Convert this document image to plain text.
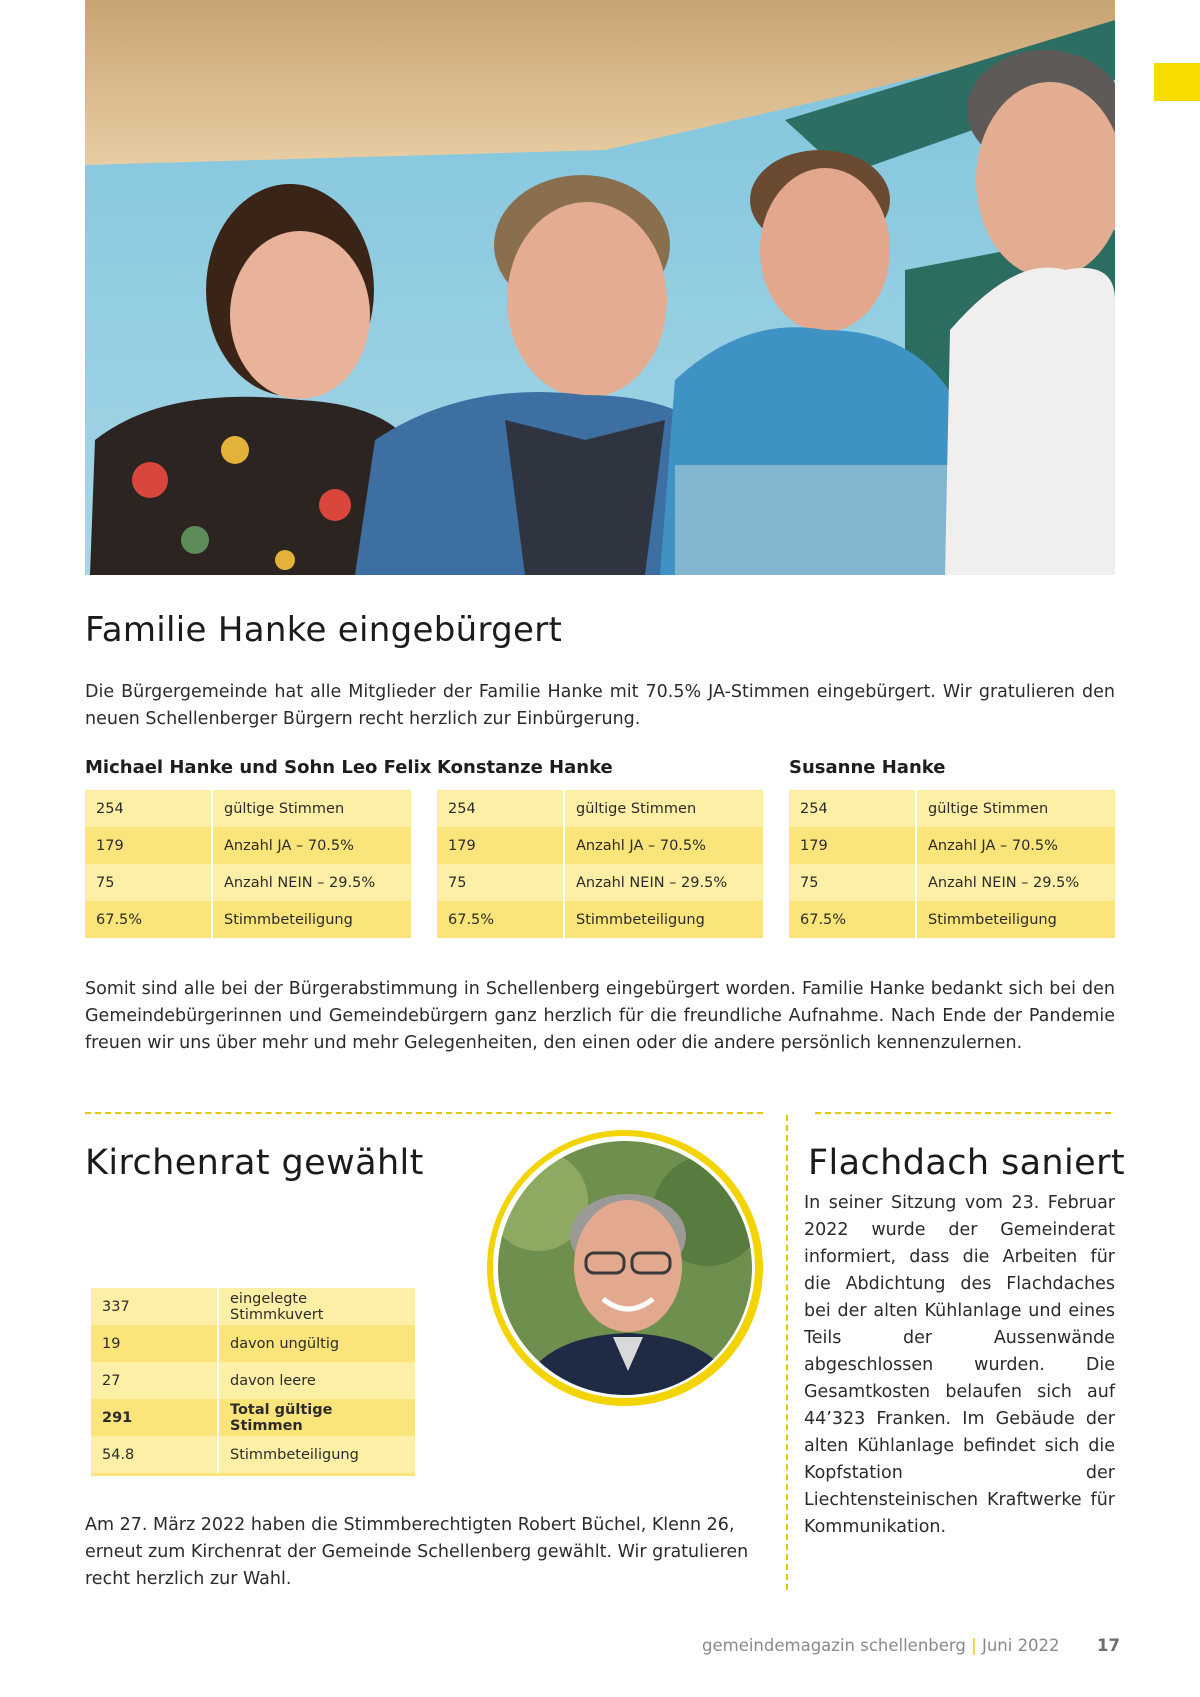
Familie Hanke eingebürgert
Die Bürgergemeinde hat alle Mitglieder der Familie Hanke mit 70.5% JA-Stimmen eingebürgert. Wir gratulieren den neuen Schellenberger Bürgern recht herzlich zur Einbürgerung.
Michael Hanke und Sohn Leo Felix
254	gültige Stimmen
179	Anzahl JA – 70.5%
75	Anzahl NEIN – 29.5%
67.5%	Stimmbeteiligung
Konstanze Hanke
254	gültige Stimmen
179	Anzahl JA – 70.5%
75	Anzahl NEIN – 29.5%
67.5%	Stimmbeteiligung
Susanne Hanke
254	gültige Stimmen
179	Anzahl JA – 70.5%
75	Anzahl NEIN – 29.5%
67.5%	Stimmbeteiligung
Somit sind alle bei der Bürgerabstimmung in Schellenberg eingebürgert worden. Familie Hanke bedankt sich bei den Gemeindebürgerinnen und Gemeindebürgern ganz herzlich für die freundliche Aufnahme. Nach Ende der Pandemie freuen wir uns über mehr und mehr Gelegenheiten, den einen oder die andere persönlich kennenzulernen.
Kirchenrat gewählt
337	eingelegte Stimmkuvert
19	davon ungültig
27	davon leere
291	Total gültige Stimmen
54.8	Stimmbeteiligung
Am 27. März 2022 haben die Stimmberechtigten Robert Büchel, Klenn 26, erneut zum Kirchenrat der Gemeinde Schellenberg gewählt. Wir gratulieren recht herzlich zur Wahl.
Flachdach saniert
In seiner Sitzung vom 23. Februar 2022 wurde der Gemeinderat informiert, dass die Arbeiten für die Abdichtung des Flachdaches bei der alten Kühlanlage und eines Teils der Aussenwände abgeschlossen wurden. Die Gesamtkosten belaufen sich auf 44’323 Franken. Im Gebäude der alten Kühlanlage befindet sich die Kopfstation der Liechtensteinischen Kraftwerke für Kommunikation.
gemeindemagazin schellenberg | Juni 2022 17
